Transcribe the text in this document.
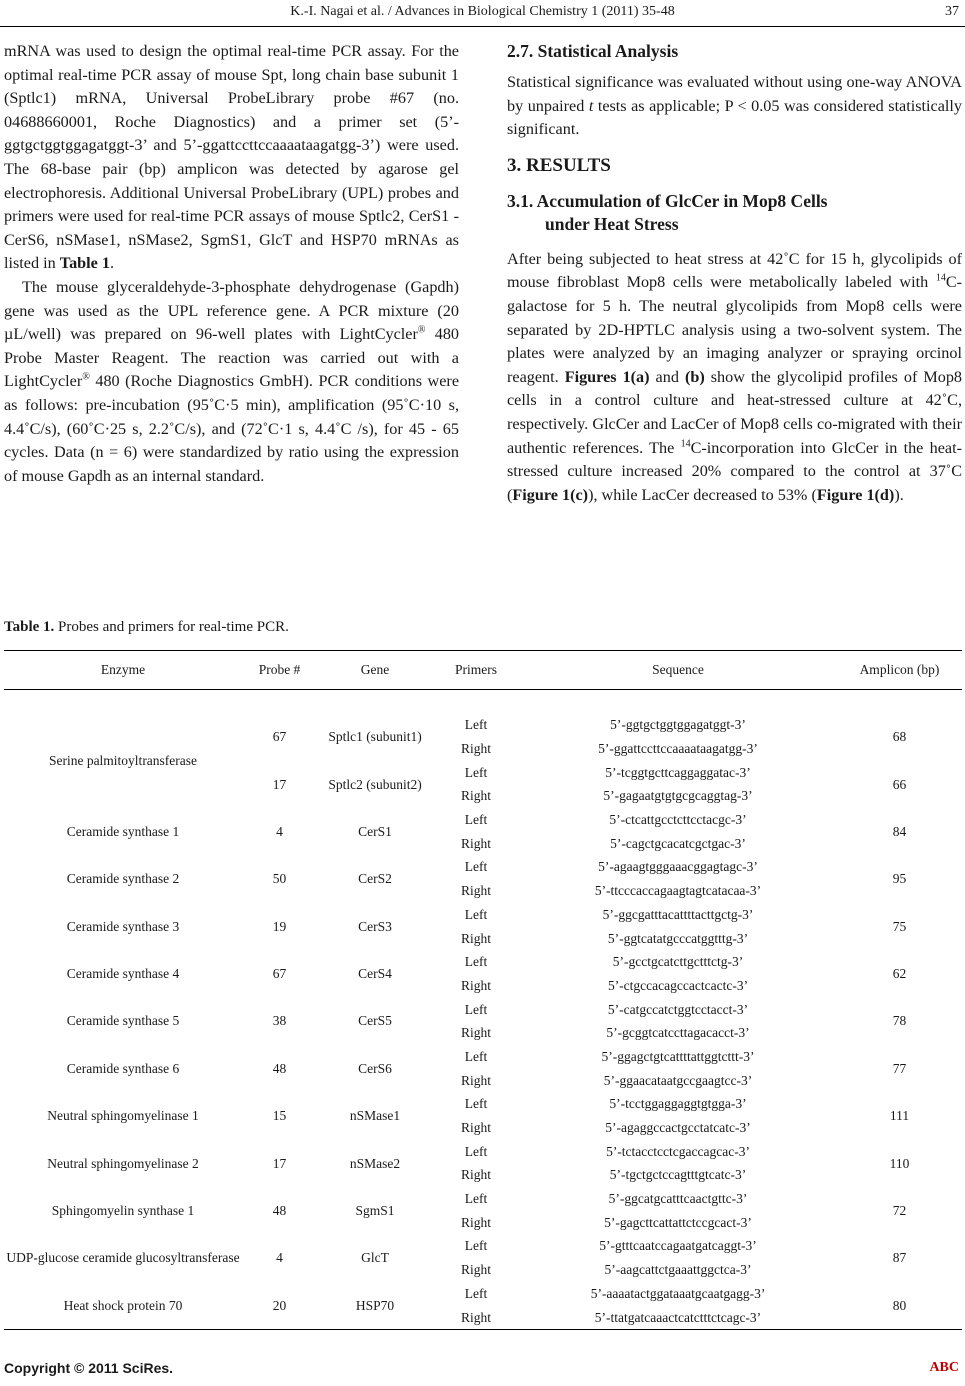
K.-I. Nagai et al. / Advances in Biological Chemistry 1 (2011) 35-48	37

mRNA was used to design the optimal real-time PCR assay. For the optimal real-time PCR assay of mouse Spt, long chain base subunit 1 (Sptlc1) mRNA, Universal ProbeLibrary probe #67 (no. 04688660001, Roche Diagnostics) and a primer set (5’-ggtgctggtggagatggt-3’ and 5’-ggattccttccaaaataagatgg-3’) were used. The 68-base pair (bp) amplicon was detected by agarose gel electrophoresis. Additional Universal ProbeLibrary (UPL) probes and primers were used for real-time PCR assays of mouse Sptlc2, CerS1 - CerS6, nSMase1, nSMase2, SgmS1, GlcT and HSP70 mRNAs as listed in Table 1.

The mouse glyceraldehyde-3-phosphate dehydrogenase (Gapdh) gene was used as the UPL reference gene. A PCR mixture (20 µL/well) was prepared on 96-well plates with LightCycler® 480 Probe Master Reagent. The reaction was carried out with a LightCycler® 480 (Roche Diagnostics GmbH). PCR conditions were as follows: pre-incubation (95˚C·5 min), amplification (95˚C·10 s, 4.4˚C/s), (60˚C·25 s, 2.2˚C/s), and (72˚C·1 s, 4.4˚C /s), for 45 - 65 cycles. Data (n = 6) were standardized by ratio using the expression of mouse Gapdh as an internal standard.

2.7. Statistical Analysis

Statistical significance was evaluated without using one-way ANOVA by unpaired t tests as applicable; P < 0.05 was considered statistically significant.

3. RESULTS
3.1. Accumulation of GlcCer in Mop8 Cells
under Heat Stress

After being subjected to heat stress at 42˚C for 15 h, glycolipids of mouse fibroblast Mop8 cells were metabolically labeled with $^{14}$C-galactose for 5 h. The neutral glycolipids from Mop8 cells were separated by 2D-HPTLC analysis using a two-solvent system. The plates were analyzed by an imaging analyzer or spraying orcinol reagent. Figures 1(a) and (b) show the glycolipid profiles of Mop8 cells in a control culture and heat-stressed culture at 42˚C, respectively. GlcCer and LacCer of Mop8 cells co-migrated with their authentic references. The $^{14}$C-incorporation into GlcCer in the heat-stressed culture increased 20% compared to the control at 37˚C (Figure 1(c)), while LacCer decreased to 53% (Figure 1(d)).

Table 1. Probes and primers for real-time PCR.
Enzyme	Probe #	Gene	Primers	Sequence	Amplicon (bp)

Serine palmitoyltransferase	67	Sptlc1 (subunit1)	Left	5’-ggtgctggtggagatggt-3’	68
			Right	5’-ggattccttccaaaataagatgg-3’	
	17	Sptlc2 (subunit2)	Left	5’-tcggtgcttcaggaggatac-3’	66
			Right	5’-gagaatgtgtgcgcaggtag-3’	
Ceramide synthase 1	4	CerS1	Left	5’-ctcattgcctcttcctacgc-3’	84
			Right	5’-cagctgcacatcgctgac-3’	
Ceramide synthase 2	50	CerS2	Left	5’-agaagtgggaaacggagtagc-3’	95
			Right	5’-ttcccaccagaagtagtcatacaa-3’	
Ceramide synthase 3	19	CerS3	Left	5’-ggcgatttacattttacttgctg-3’	75
			Right	5’-ggtcatatgcccatggtttg-3’	
Ceramide synthase 4	67	CerS4	Left	5’-gcctgcatcttgctttctg-3’	62
			Right	5’-ctgccacagccactcactc-3’	
Ceramide synthase 5	38	CerS5	Left	5’-catgccatctggtcctacct-3’	78
			Right	5’-gcggtcatccttagacacct-3’	
Ceramide synthase 6	48	CerS6	Left	5’-ggagctgtcattttattggtcttt-3’	77
			Right	5’-ggaacataatgccgaagtcc-3’	
Neutral sphingomyelinase 1	15	nSMase1	Left	5’-tcctggaggaggtgtgga-3’	111
			Right	5’-agaggccactgcctatcatc-3’	
Neutral sphingomyelinase 2	17	nSMase2	Left	5’-tctacctcctcgaccagcac-3’	110
			Right	5’-tgctgctccagtttgtcatc-3’	
Sphingomyelin synthase 1	48	SgmS1	Left	5’-ggcatgcatttcaactgttc-3’	72
			Right	5’-gagcttcattattctccgcact-3’	
UDP-glucose ceramide glucosyltransferase	4	GlcT	Left	5’-gtttcaatccagaatgatcaggt-3’	87
			Right	5’-aagcattctgaaattggctca-3’	
Heat shock protein 70	20	HSP70	Left	5’-aaaatactggataaatgcaatgagg-3’	80
			Right	5’-ttatgatcaaactcatctttctcagc-3’	
Copyright © 2011 SciRes.	ABC
